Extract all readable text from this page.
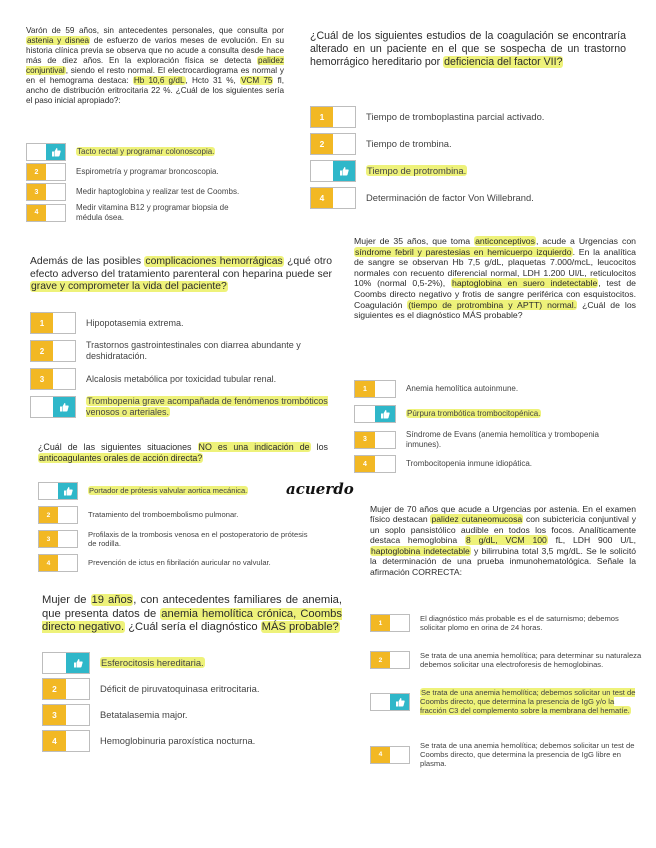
Varón de 59 años, sin antecedentes personales, que consulta por astenia y disnea de esfuerzo de varios meses de evolución. En su historia clínica previa se observa que no acude a consulta desde hace más de diez años. En la exploración física se detecta palidez conjuntival, siendo el resto normal. El electrocardiograma es normal y en el hemograma destaca: Hb 10,6 g/dL, Hcto 31 %, VCM 75 fl, ancho de distribución eritrocitaria 22 %. ¿Cuál de los siguientes sería el paso inicial apropiado?:
¿Cuál de los siguientes estudios de la coagulación se encontraría alterado en un paciente en el que se sospecha de un trastorno hemorrágico hereditario por deficiencia del factor VII?
Además de las posibles complicaciones hemorrágicas ¿qué otro efecto adverso del tratamiento parenteral con heparina puede ser grave y comprometer la vida del paciente?
Mujer de 35 años, que toma anticonceptivos, acude a Urgencias con síndrome febril y parestesias en hemicuerpo izquierdo. En la analítica de sangre se observan Hb 7,5 g/dL, plaquetas 7.000/mcL, leucocitos normales con recuento diferencial normal, LDH 1.200 UI/L, reticulocitos 10% (normal 0,5-2%), haptoglobina en suero indetectable, test de Coombs directo negativo y frotis de sangre periférica con esquistocitos. Coagulación (tiempo de protrombina y APTT) normal. ¿Cuál de los siguientes es el diagnóstico MÁS probable?
¿Cuál de las siguientes situaciones NO es una indicación de los anticoagulantes orales de acción directa?
acuerdo
Mujer de 70 años que acude a Urgencias por astenia. En el examen físico destacan palidez cutaneomucosa con subictericia conjuntival y un soplo pansistólico audible en todos los focos. Analíticamente destaca hemoglobina 8 g/dL, VCM 100 fL, LDH 900 U/L, haptoglobina indetectable y bilirrubina total 3,5 mg/dL. Se le solicitó la determinación de una prueba inmunohematológica. Señale la afirmación CORRECTA:
Mujer de 19 años, con antecedentes familiares de anemia, que presenta datos de anemia hemolítica crónica, Coombs directo negativo. ¿Cuál sería el diagnóstico MÁS probable?
Tacto rectal y programar colonoscopia.
2	Espirometría y programar broncoscopia.
3	Medir haptoglobina y realizar test de Coombs.
4
Medir vitamina B12 y programar biopsia de médula ósea.
1	Tiempo de tromboplastina parcial activado.
2	Tiempo de trombina.
Tiempo de protrombina.
4	Determinación de factor Von Willebrand.
1	Hipopotasemia extrema.
2
Trastornos gastrointestinales con diarrea abundante y deshidratación.
3	Alcalosis metabólica por toxicidad tubular renal.
Trombopenia grave acompañada de fenómenos trombóticos venosos o arteriales.
1	Anemia hemolítica autoinmune.
Púrpura trombótica trombocitopénica.
3
Síndrome de Evans (anemia hemolítica y trombopenia inmunes).
4	Trombocitopenia inmune idiopática.
Portador de prótesis valvular aortica mecánica.
2	Tratamiento del tromboembolismo pulmonar.
3
Profilaxis de la trombosis venosa en el postoperatorio de prótesis de rodilla.
4	Prevención de ictus en fibrilación auricular no valvular.
1
El diagnóstico más probable es el de saturnismo; debemos solicitar plomo en orina de 24 horas.
2
Se trata de una anemia hemolítica; para determinar su naturaleza debemos solicitar una electroforesis de hemoglobinas.
Se trata de una anemia hemolítica; debemos solicitar un test de Coombs directo, que determina la presencia de IgG y/o la fracción C3 del complemento sobre la membrana del hematíe.
4
Se trata de una anemia hemolítica; debemos solicitar un test de Coombs directo, que determina la presencia de IgG libre en plasma.
Esferocitosis hereditaria.
2	Déficit de piruvatoquinasa eritrocitaria.
3	Betatalasemia major.
4	Hemoglobinuria paroxística nocturna.
